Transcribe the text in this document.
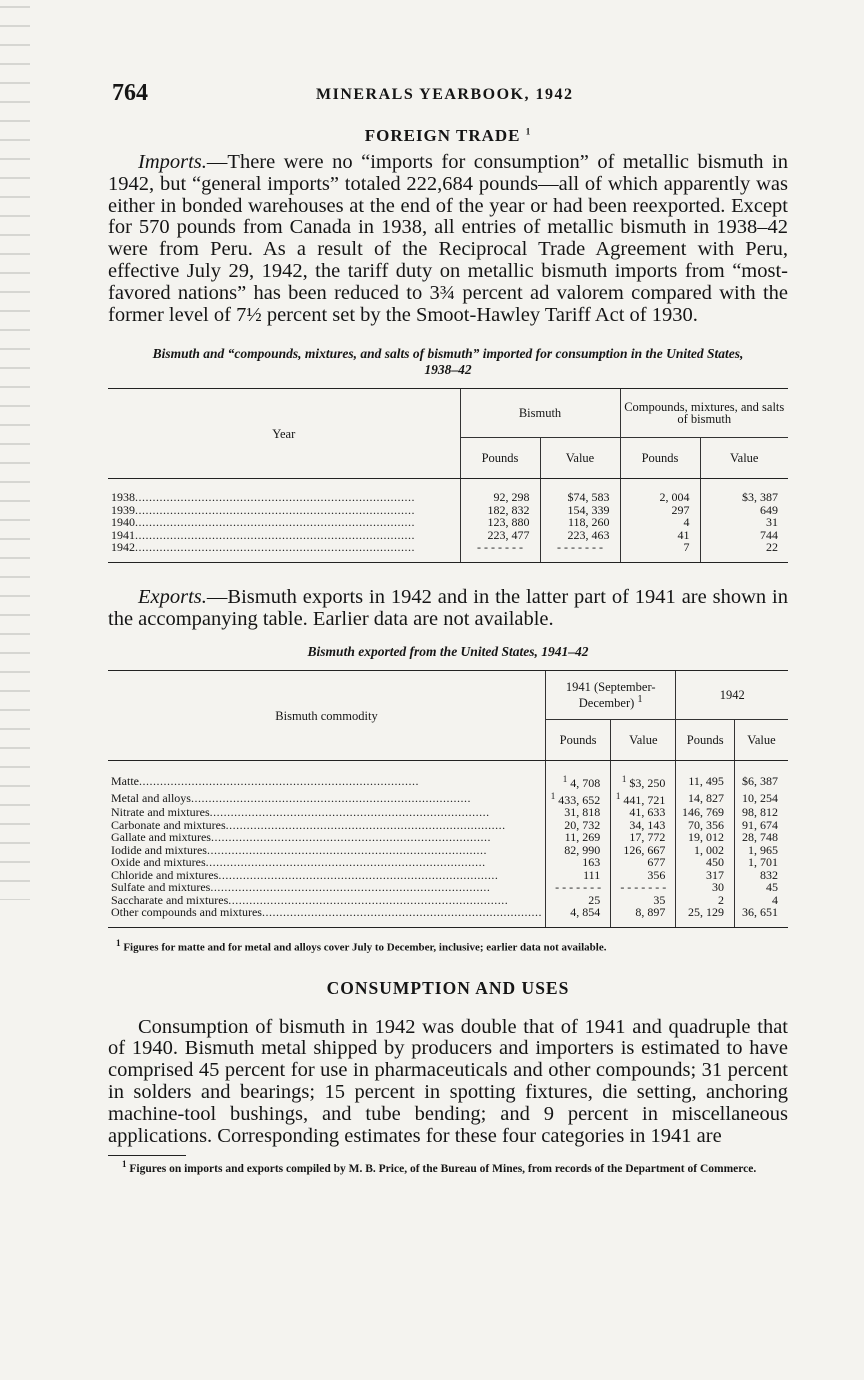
764	MINERALS YEARBOOK, 1942
FOREIGN TRADE $^1$

Imports.—There were no “imports for consumption” of metallic bismuth in 1942, but “general imports” totaled 222,684 pounds—all of which apparently was either in bonded warehouses at the end of the year or had been reexported. Except for 570 pounds from Canada in 1938, all entries of metallic bismuth in 1938–42 were from Peru. As a result of the Reciprocal Trade Agreement with Peru, effective July 29, 1942, the tariff duty on metallic bismuth imports from “most-favored nations” has been reduced to 3¾ percent ad valorem compared with the former level of 7½ percent set by the Smoot-Hawley Tariff Act of 1930.

Bismuth and “compounds, mixtures, and salts of bismuth” imported for consumption in the United States, 1938–42
Year	Bismuth		Compounds, mixtures, and salts of bismuth	
	Pounds	Value	Pounds	Value
1938................................................................................	92, 298	$74, 583	2, 004	$3, 387
1939................................................................................	182, 832	154, 339	297	649
1940................................................................................	123, 880	118, 260	4	31
1941................................................................................	223, 477	223, 463	41	744
1942................................................................................	- - - - - - -	- - - - - - -	7	22

Exports.—Bismuth exports in 1942 and in the latter part of 1941 are shown in the accompanying table. Earlier data are not available.

Bismuth exported from the United States, 1941–42
Bismuth commodity	1941 (September-December) $^1$		1942	
	Pounds	Value	Pounds	Value
Matte................................................................................	$^1$ 4, 708	$^1$ $3, 250	11, 495	$6, 387
Metal and alloys................................................................................	$^1$ 433, 652	$^1$ 441, 721	14, 827	10, 254
Nitrate and mixtures................................................................................	31, 818	41, 633	146, 769	98, 812
Carbonate and mixtures................................................................................	20, 732	34, 143	70, 356	91, 674
Gallate and mixtures................................................................................	11, 269	17, 772	19, 012	28, 748
Iodide and mixtures................................................................................	82, 990	126, 667	1, 002	1, 965
Oxide and mixtures................................................................................	163	677	450	1, 701
Chloride and mixtures................................................................................	111	356	317	832
Sulfate and mixtures................................................................................	- - - - - - -	- - - - - - -	30	45
Saccharate and mixtures................................................................................	25	35	2	4
Other compounds and mixtures................................................................................	4, 854	8, 897	25, 129	36, 651
$^1$ Figures for matte and for metal and alloys cover July to December, inclusive; earlier data not available.
CONSUMPTION AND USES

Consumption of bismuth in 1942 was double that of 1941 and quadruple that of 1940. Bismuth metal shipped by producers and importers is estimated to have comprised 45 percent for use in pharmaceuticals and other compounds; 31 percent in solders and bearings; 15 percent in spotting fixtures, die setting, anchoring machine-tool bushings, and tube bending; and 9 percent in miscellaneous applications. Corresponding estimates for these four categories in 1941 are

$^1$ Figures on imports and exports compiled by M. B. Price, of the Bureau of Mines, from records of the Department of Commerce.
